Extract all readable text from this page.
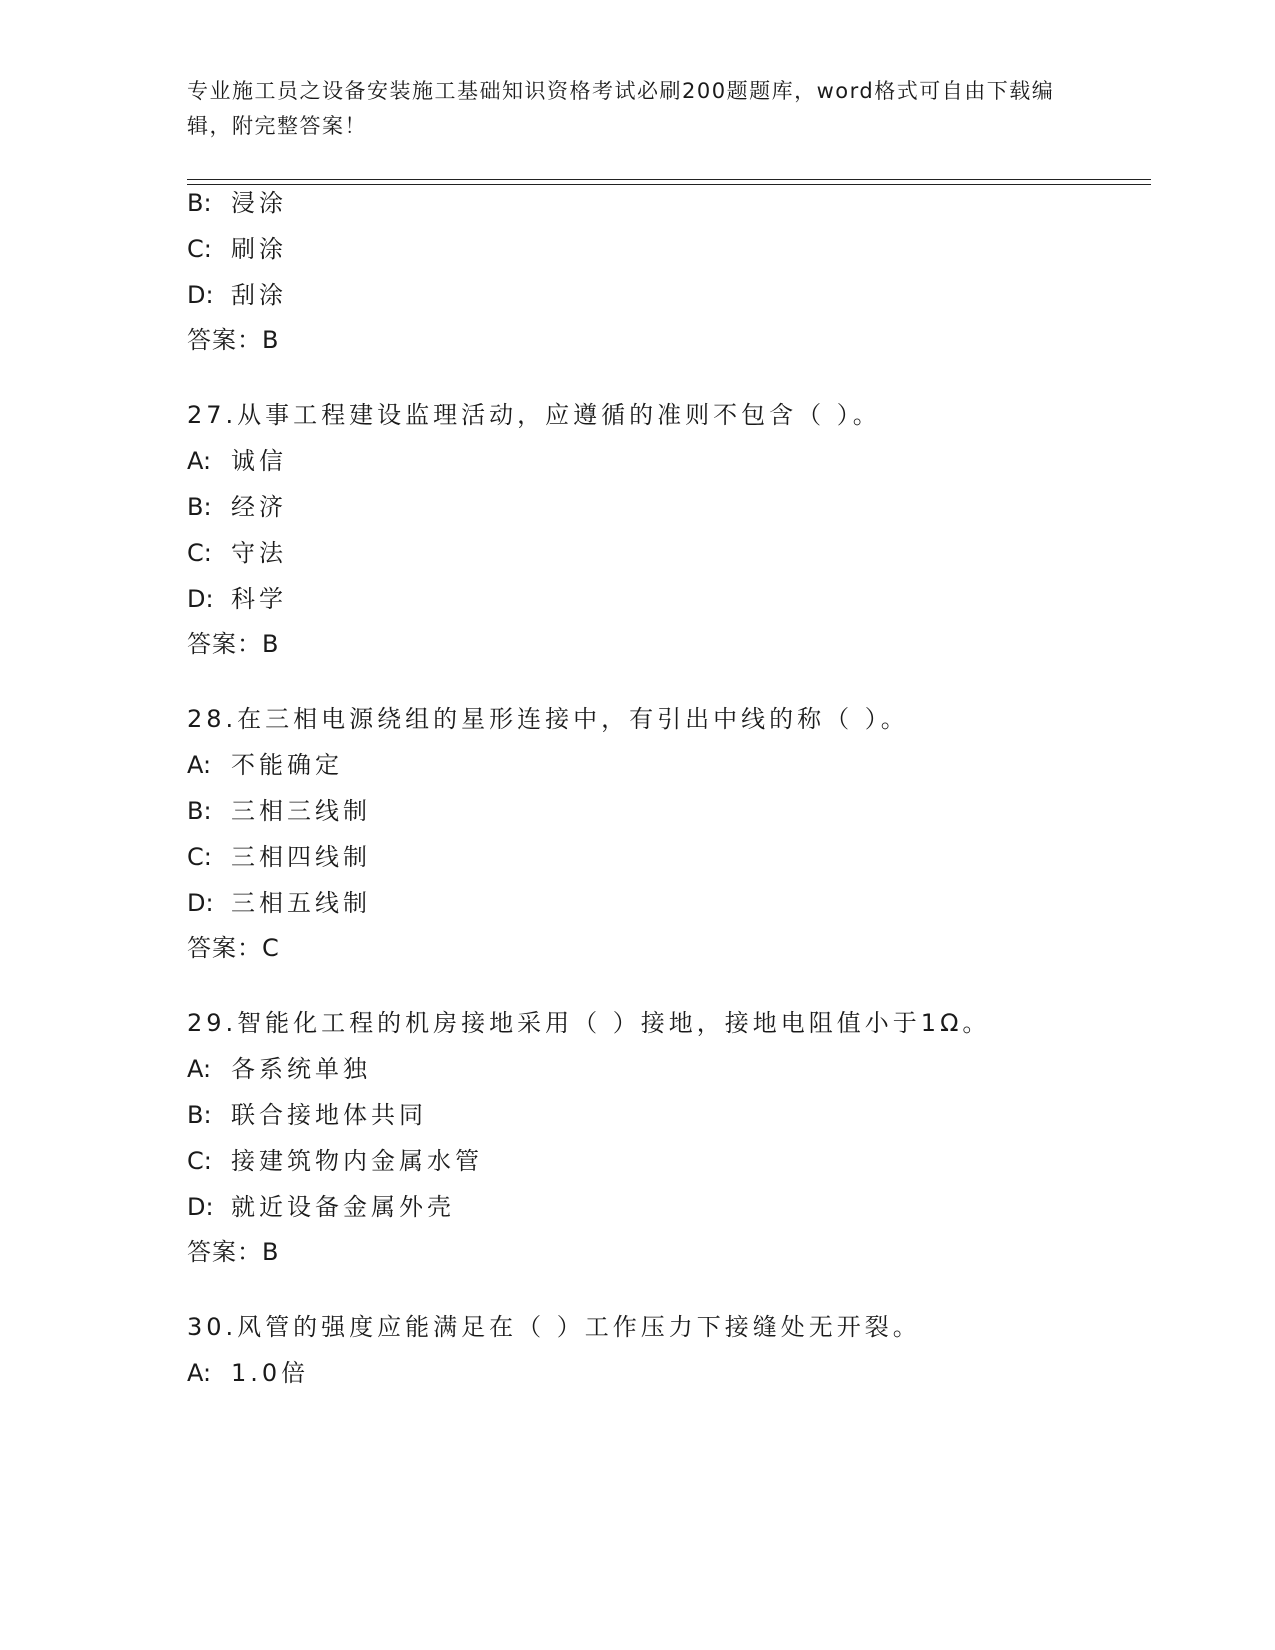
专业施工员之设备安装施工基础知识资格考试必刷200题题库，word格式可自由下载编辑，附完整答案！
B: 浸涂
C: 刷涂
D: 刮涂
答案：B
27.从事工程建设监理活动，应遵循的准则不包含（ ）。
A: 诚信
B: 经济
C: 守法
D: 科学
答案：B
28.在三相电源绕组的星形连接中，有引出中线的称（ ）。
A: 不能确定
B: 三相三线制
C: 三相四线制
D: 三相五线制
答案：C
29.智能化工程的机房接地采用（ ）接地，接地电阻值小于1Ω。
A: 各系统单独
B: 联合接地体共同
C: 接建筑物内金属水管
D: 就近设备金属外壳
答案：B
30.风管的强度应能满足在（ ）工作压力下接缝处无开裂。
A: 1.0倍
